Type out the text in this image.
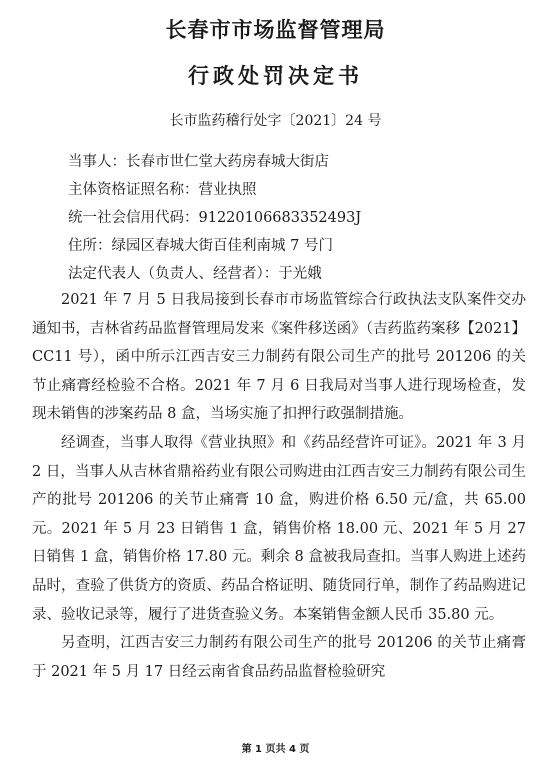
长春市市场监督管理局
行政处罚决定书
长市监药稽行处字〔2021〕24 号
当事人：长春市世仁堂大药房春城大街店
主体资格证照名称：营业执照
统一社会信用代码：91220106683352493J
住所：绿园区春城大街百佳利南城 7 号门
法定代表人（负责人、经营者）：于光娥

2021 年 7 月 5 日我局接到长春市市场监管综合行政执法支队案件交办通知书，吉林省药品监督管理局发来《案件移送函》（吉药监药案移【2021】CC11 号），函中所示江西吉安三力制药有限公司生产的批号 201206 的关节止痛膏经检验不合格。2021 年 7 月 6 日我局对当事人进行现场检查，发现未销售的涉案药品 8 盒，当场实施了扣押行政强制措施。

经调查，当事人取得《营业执照》和《药品经营许可证》。2021 年 3 月 2 日，当事人从吉林省鼎裕药业有限公司购进由江西吉安三力制药有限公司生产的批号 201206 的关节止痛膏 10 盒，购进价格 6.50 元/盒，共 65.00 元。2021 年 5 月 23 日销售 1 盒，销售价格 18.00 元、2021 年 5 月 27 日销售 1 盒，销售价格 17.80 元。剩余 8 盒被我局查扣。当事人购进上述药品时，查验了供货方的资质、药品合格证明、随货同行单，制作了药品购进记录、验收记录等，履行了进货查验义务。本案销售金额人民币 35.80 元。

另查明，江西吉安三力制药有限公司生产的批号 201206 的关节止痛膏于 2021 年 5 月 17 日经云南省食品药品监督检验研究

第 1 页共 4 页
